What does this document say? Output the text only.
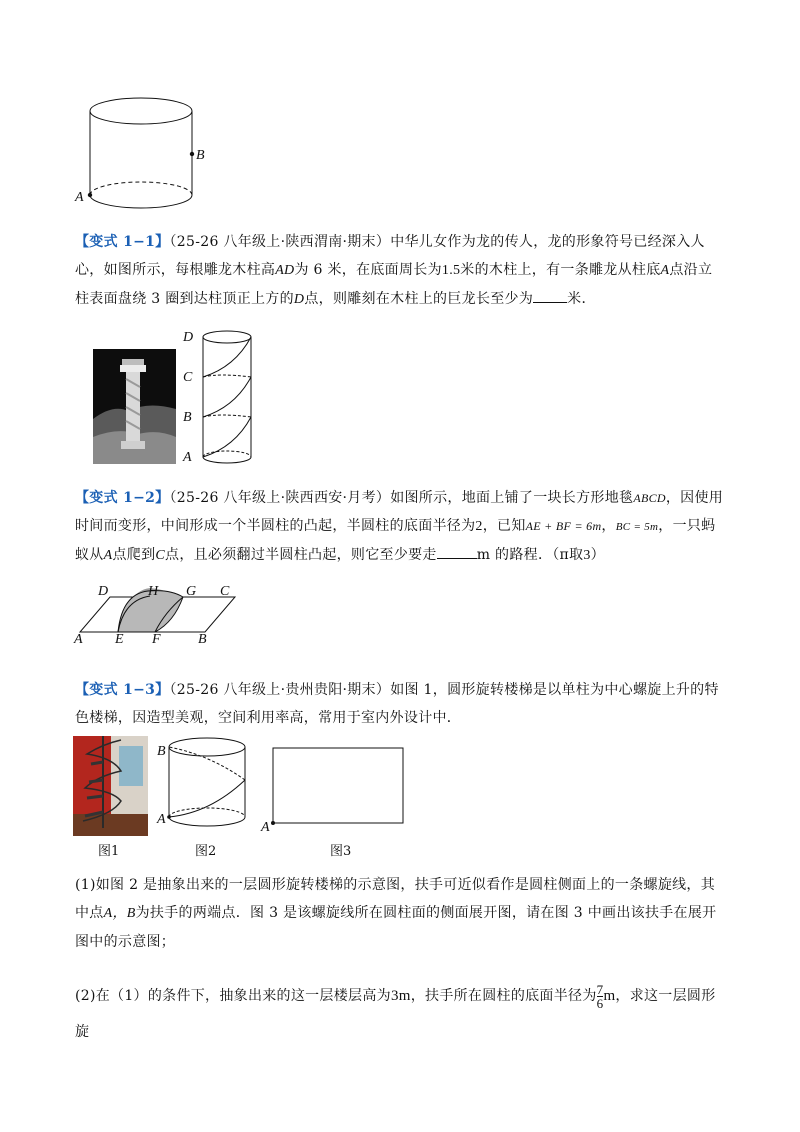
B
A
【变式 1−1】（25-26 八年级上·陕西渭南·期末）中华儿女作为龙的传人，龙的形象符号已经深入人心，如图所示，每根雕龙木柱高AD为 6 米，在底面周长为1.5米的木柱上，有一条雕龙从柱底A点沿立柱表面盘绕 3 圈到达柱顶正上方的D点，则雕刻在木柱上的巨龙长至少为 米．
D
C
B
A
【变式 1−2】（25-26 八年级上·陕西西安·月考）如图所示，地面上铺了一块长方形地毯ABCD，因使用时间而变形，中间形成一个半圆柱的凸起，半圆柱的底面半径为2，已知AE + BF = 6m，BC = 5m，一只蚂蚁从A点爬到C点，且必须翻过半圆柱凸起，则它至少要走	m 的路程．（π取3）
A	B
C
D
E F
G
H
【变式 1−3】（25-26 八年级上·贵州贵阳·期末）如图 1，圆形旋转楼梯是以单柱为中心螺旋上升的特色楼梯，因造型美观，空间利用率高，常用于室内外设计中．
B
A
A
图1	图2	图3
(1)如图 2 是抽象出来的一层圆形旋转楼梯的示意图，扶手可近似看作是圆柱侧面上的一条螺旋线，其中点A，B为扶手的两端点．图 3 是该螺旋线所在圆柱面的侧面展开图，请在图 3 中画出该扶手在展开图中的示意图；
(2)在（1）的条件下，抽象出来的这一层楼层高为3m，扶手所在圆柱的底面半径为 $\frac{7}{6}$ m，求这一层圆形旋
